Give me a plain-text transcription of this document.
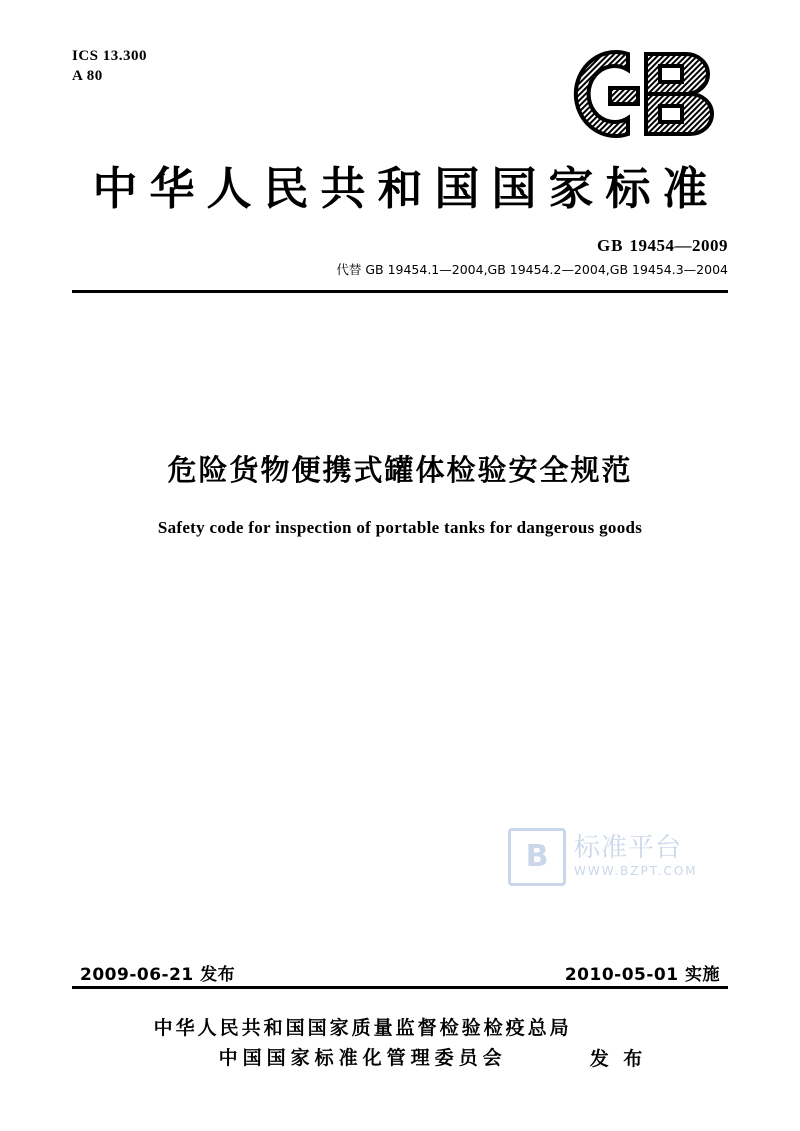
ICS 13.300
A 80
中华人民共和国国家标准
GB 19454—2009
代替 GB 19454.1—2004,GB 19454.2—2004,GB 19454.3—2004
危险货物便携式罐体检验安全规范
Safety code for inspection of portable tanks for dangerous goods
B 标准平台
WWW.BZPT.COM
2009-06-21 发布	2010-05-01 实施
中华人民共和国国家质量监督检验检疫总局
中国国家标准化管理委员会	发 布
